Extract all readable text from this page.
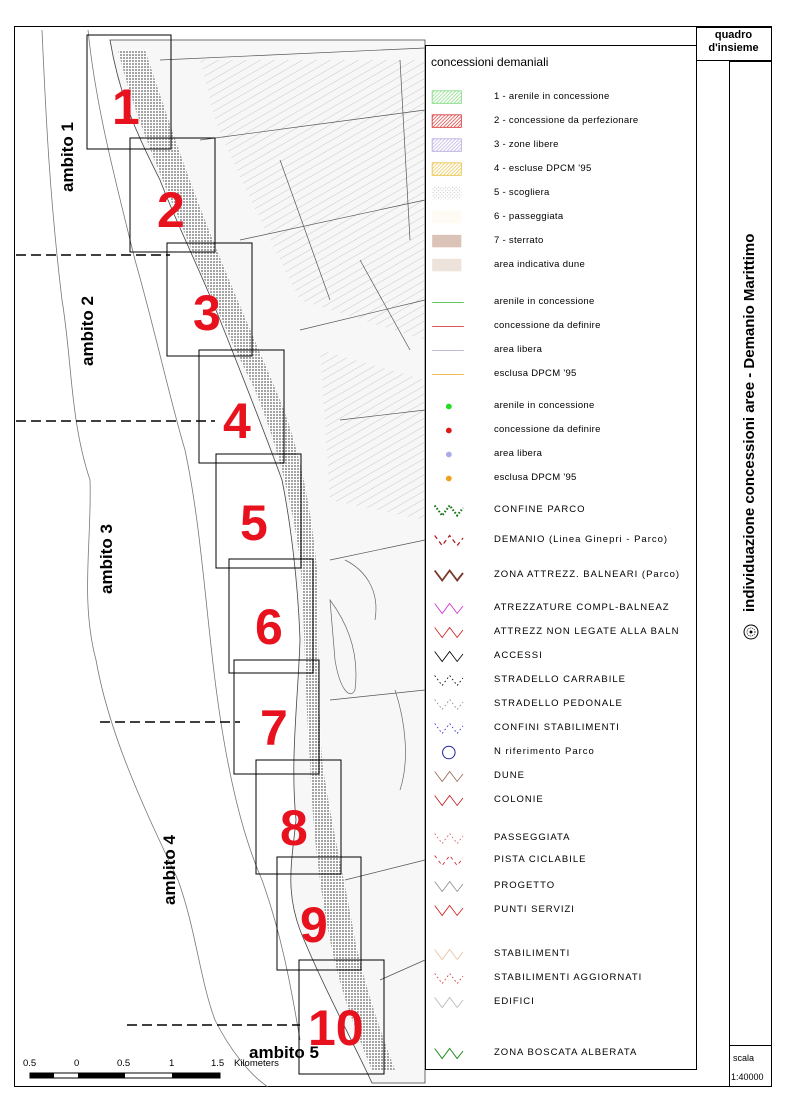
quadro
d'insieme
concessioni demaniali
1 - arenile in concessione
2 - concessione da perfezionare
3 - zone libere
4 - escluse DPCM '95
5 - scogliera
6 - passeggiata
7 - sterrato
area indicativa dune
arenile in concessione
concessione da definire
area libera
esclusa DPCM '95
arenile in concessione
concessione da definire
area libera
esclusa DPCM '95
CONFINE PARCO
DEMANIO (Linea Ginepri - Parco)
ZONA ATTREZZ. BALNEARI (Parco)
ATREZZATURE COMPL-BALNEAZ
ATTREZZ NON LEGATE ALLA BALN
ACCESSI
STRADELLO CARRABILE
STRADELLO PEDONALE
CONFINI STABILIMENTI
N riferimento Parco
DUNE
COLONIE
PASSEGGIATA
PISTA CICLABILE
PROGETTO
PUNTI SERVIZI
STABILIMENTI
STABILIMENTI AGGIORNATI
EDIFICI
ZONA BOSCATA ALBERATA
individuazione concessioni aree - Demanio Marittimo
scala
1:40000
1
2
3
4
5
6
7
8
9
10
ambito 1
ambito 2
ambito 3
ambito 4
ambito 5
0.5	0	0.5	1	1.5 Kilometers
